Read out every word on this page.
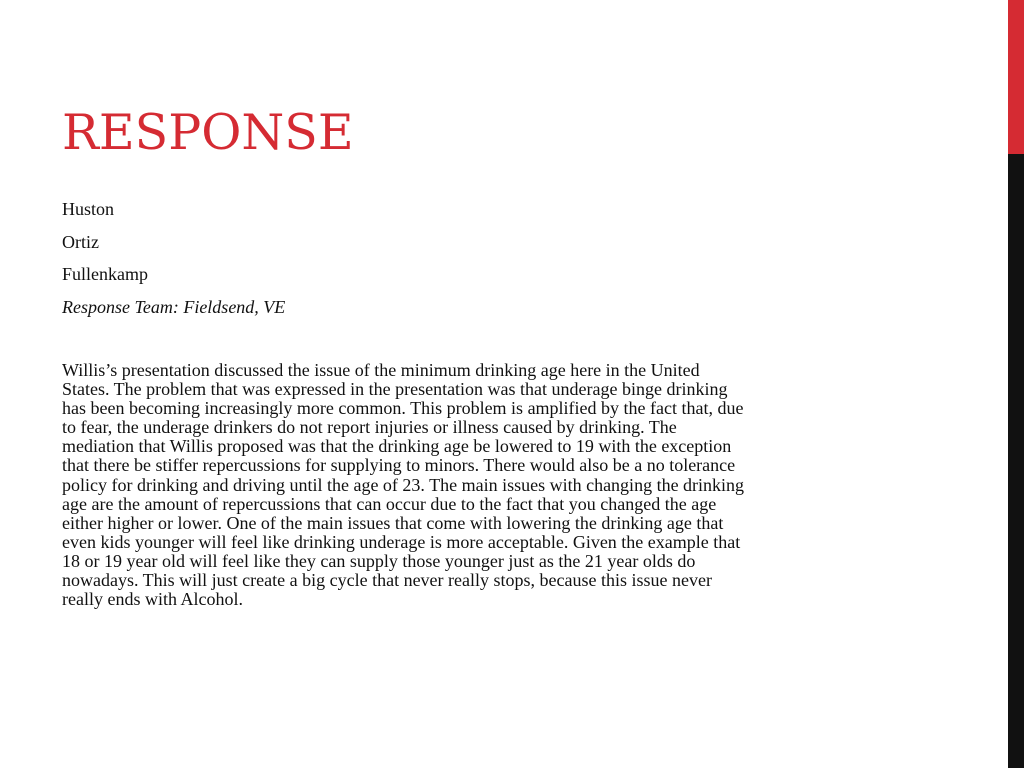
RESPONSE
Huston
Ortiz
Fullenkamp
Response Team: Fieldsend, VE
Willis’s presentation discussed the issue of the minimum drinking age here in the United
States. The problem that was expressed in the presentation was that underage binge drinking
has been becoming increasingly more common. This problem is amplified by the fact that, due
to fear, the underage drinkers do not report injuries or illness caused by drinking. The
mediation that Willis proposed was that the drinking age be lowered to 19 with the exception
that there be stiffer repercussions for supplying to minors. There would also be a no tolerance
policy for drinking and driving until the age of 23. The main issues with changing the drinking
age are the amount of repercussions that can occur due to the fact that you changed the age
either higher or lower. One of the main issues that come with lowering the drinking age that
even kids younger will feel like drinking underage is more acceptable. Given the example that
18 or 19 year old will feel like they can supply those younger just as the 21 year olds do
nowadays. This will just create a big cycle that never really stops, because this issue never
really ends with Alcohol.
